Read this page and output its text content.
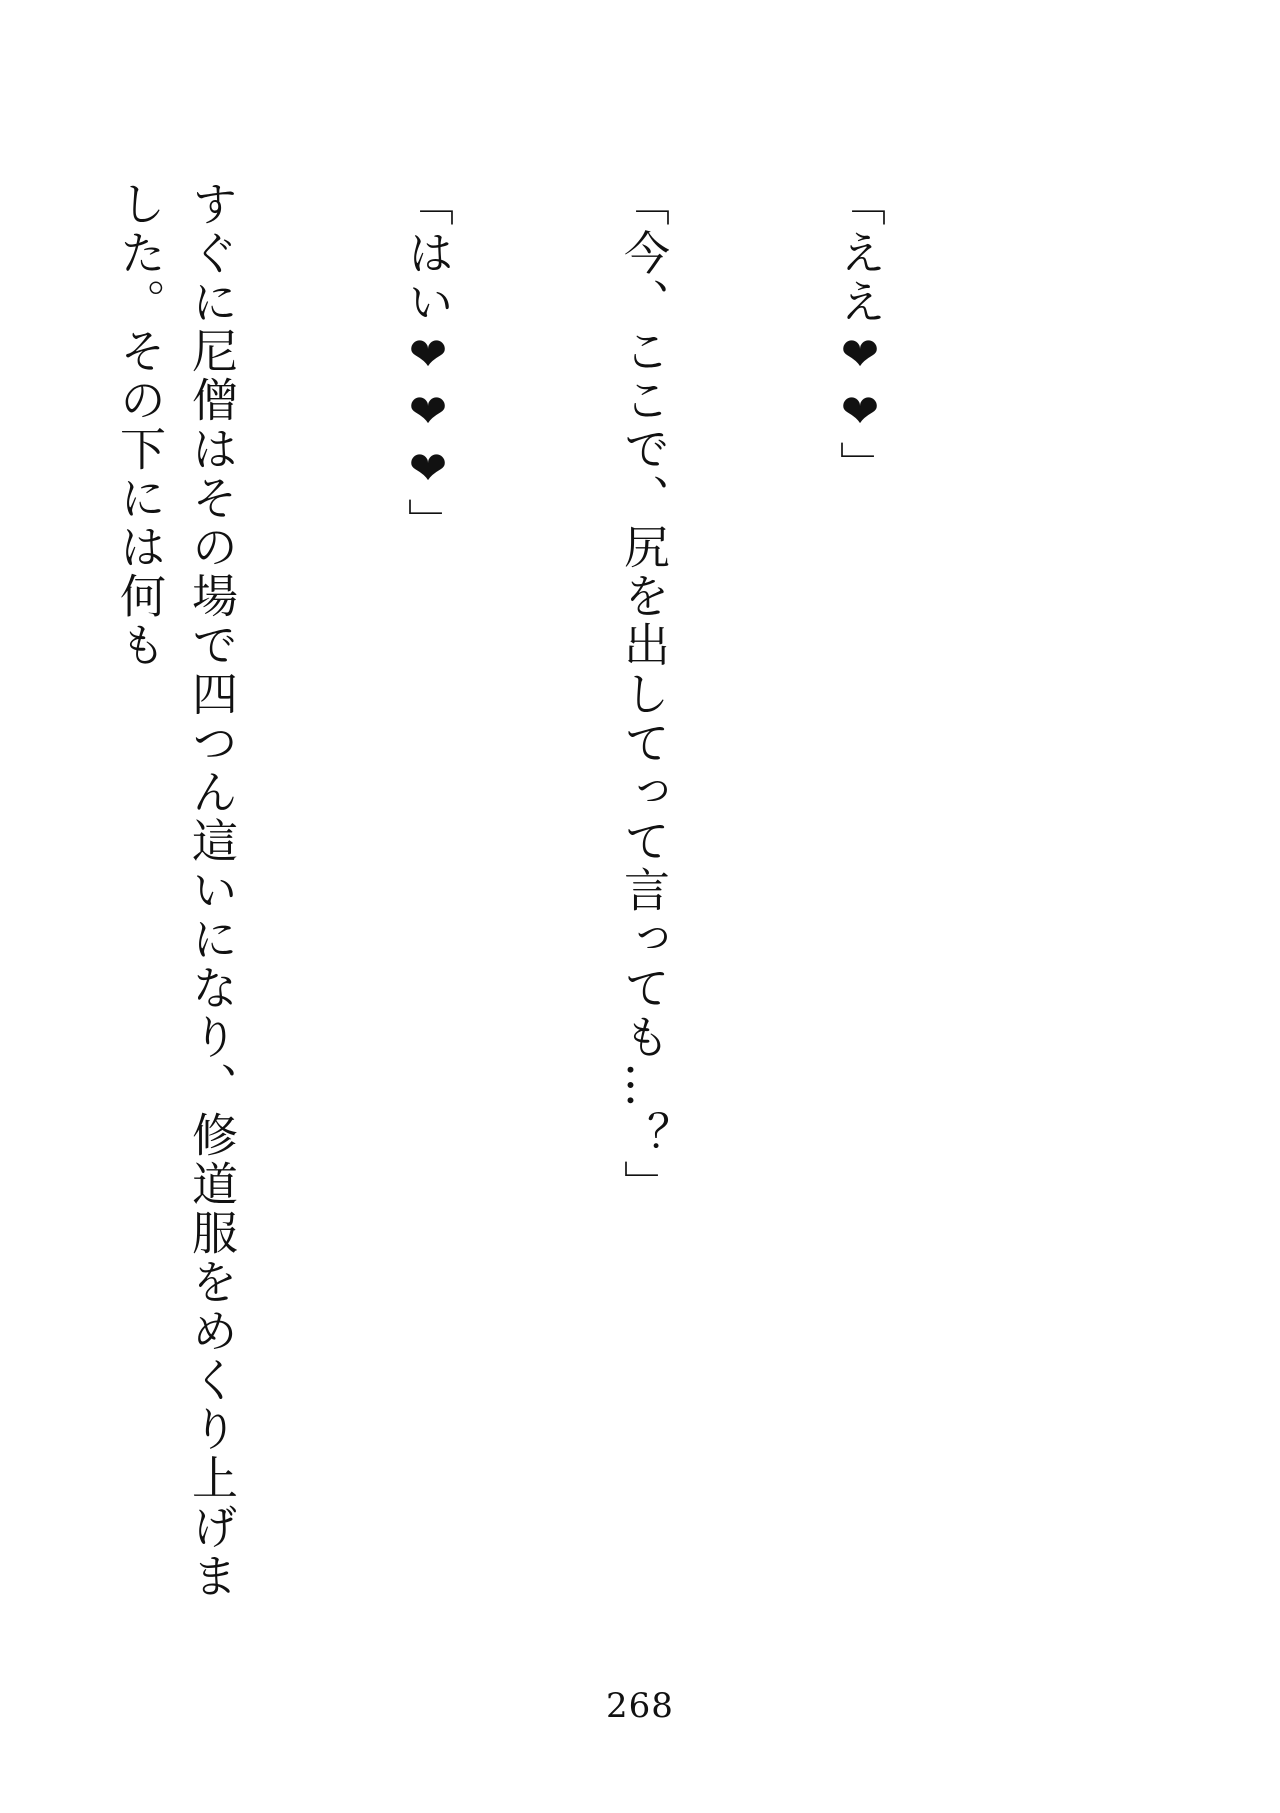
「ええ❤❤」

「今、ここで、尻を出してって言っても…？」

「はい❤❤❤」

すぐに尼僧はその場で四つん這いになり、修道服をめくり上げました。その下には何も

268
